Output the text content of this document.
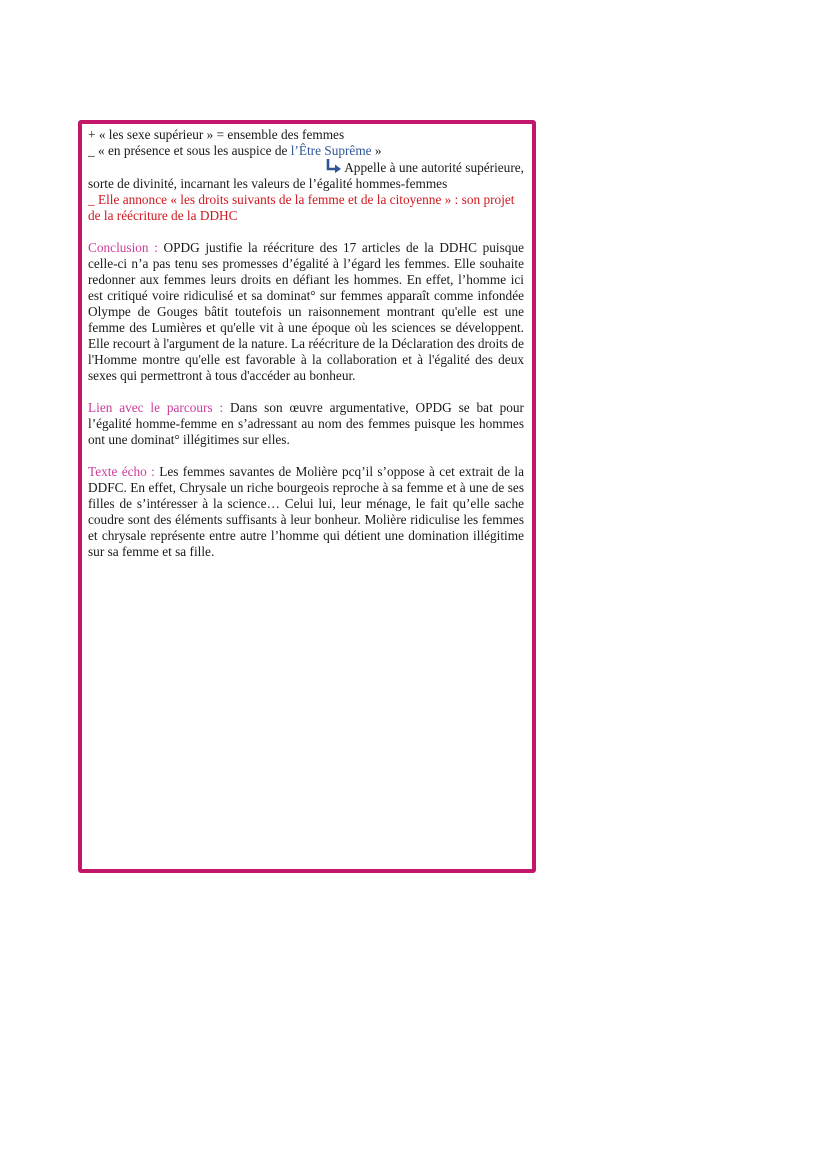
+ « les sexe supérieur » = ensemble des femmes
_ « en présence et sous les auspice de l’Être Suprême »
Appelle à une autorité supérieure,
sorte de divinité, incarnant les valeurs de l’égalité hommes-femmes
_ Elle annonce « les droits suivants de la femme et de la citoyenne » : son projet de la réécriture de la DDHC

Conclusion : OPDG justifie la réécriture des 17 articles de la DDHC puisque celle-ci n’a pas tenu ses promesses d’égalité à l’égard les femmes. Elle souhaite redonner aux femmes leurs droits en défiant les hommes. En effet, l’homme ici est critiqué voire ridiculisé et sa dominat° sur femmes apparaît comme infondée Olympe de Gouges bâtit toutefois un raisonnement montrant qu'elle est une femme des Lumières et qu'elle vit à une époque où les sciences se développent. Elle recourt à l'argument de la nature. La réécriture de la Déclaration des droits de l'Homme montre qu'elle est favorable à la collaboration et à l'égalité des deux sexes qui permettront à tous d'accéder au bonheur.

Lien avec le parcours : Dans son œuvre argumentative, OPDG se bat pour l’égalité homme-femme en s’adressant au nom des femmes puisque les hommes ont une dominat° illégitimes sur elles.

Texte écho : Les femmes savantes de Molière pcq’il s’oppose à cet extrait de la DDFC. En effet, Chrysale un riche bourgeois reproche à sa femme et à une de ses filles de s’intéresser à la science… Celui lui, leur ménage, le fait qu’elle sache coudre sont des éléments suffisants à leur bonheur. Molière ridiculise les femmes et chrysale représente entre autre l’homme qui détient une domination illégitime sur sa femme et sa fille.
